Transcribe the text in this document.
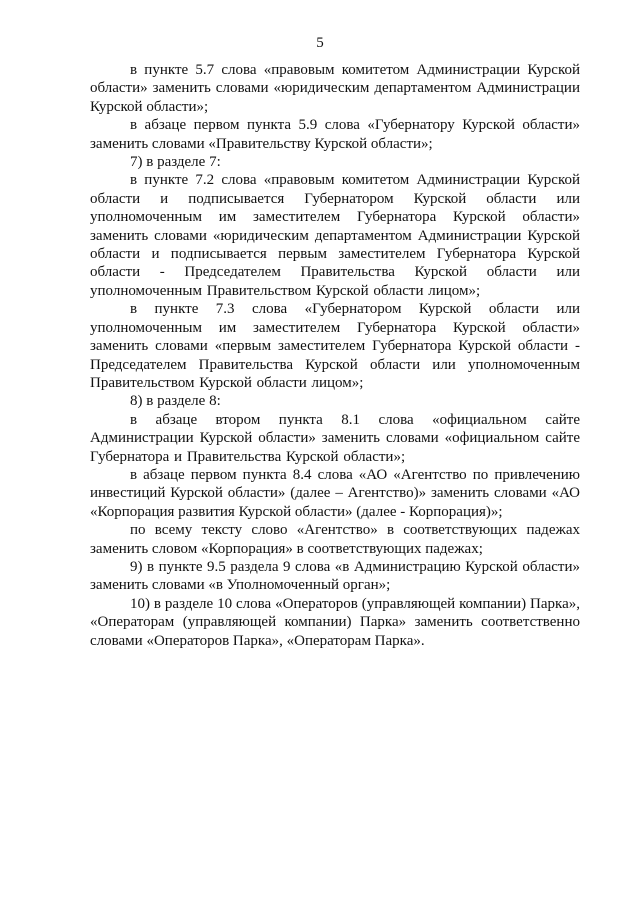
5

в пункте 5.7 слова «правовым комитетом Администрации Курской области» заменить словами «юридическим департаментом Администрации Курской области»;

в абзаце первом пункта 5.9 слова «Губернатору Курской области» заменить словами «Правительству Курской области»;

7) в разделе 7:

в пункте 7.2 слова «правовым комитетом Администрации Курской области и подписывается Губернатором Курской области или уполномоченным им заместителем Губернатора Курской области» заменить словами «юридическим департаментом Администрации Курской области и подписывается первым заместителем Губернатора Курской области - Председателем Правительства Курской области или уполномоченным Правительством Курской области лицом»;

в пункте 7.3 слова «Губернатором Курской области или уполномоченным им заместителем Губернатора Курской области» заменить словами «первым заместителем Губернатора Курской области - Председателем Правительства Курской области или уполномоченным Правительством Курской области лицом»;

8) в разделе 8:

в абзаце втором пункта 8.1 слова «официальном сайте Администрации Курской области» заменить словами «официальном сайте Губернатора и Правительства Курской области»;

в абзаце первом пункта 8.4 слова «АО «Агентство по привлечению инвестиций Курской области» (далее – Агентство)» заменить словами «АО «Корпорация развития Курской области» (далее - Корпорация)»;

по всему тексту слово «Агентство» в соответствующих падежах заменить словом «Корпорация» в соответствующих падежах;

9) в пункте 9.5 раздела 9 слова «в Администрацию Курской области» заменить словами «в Уполномоченный орган»;

10) в разделе 10 слова «Операторов (управляющей компании) Парка», «Операторам (управляющей компании) Парка» заменить соответственно словами «Операторов Парка», «Операторам Парка».
